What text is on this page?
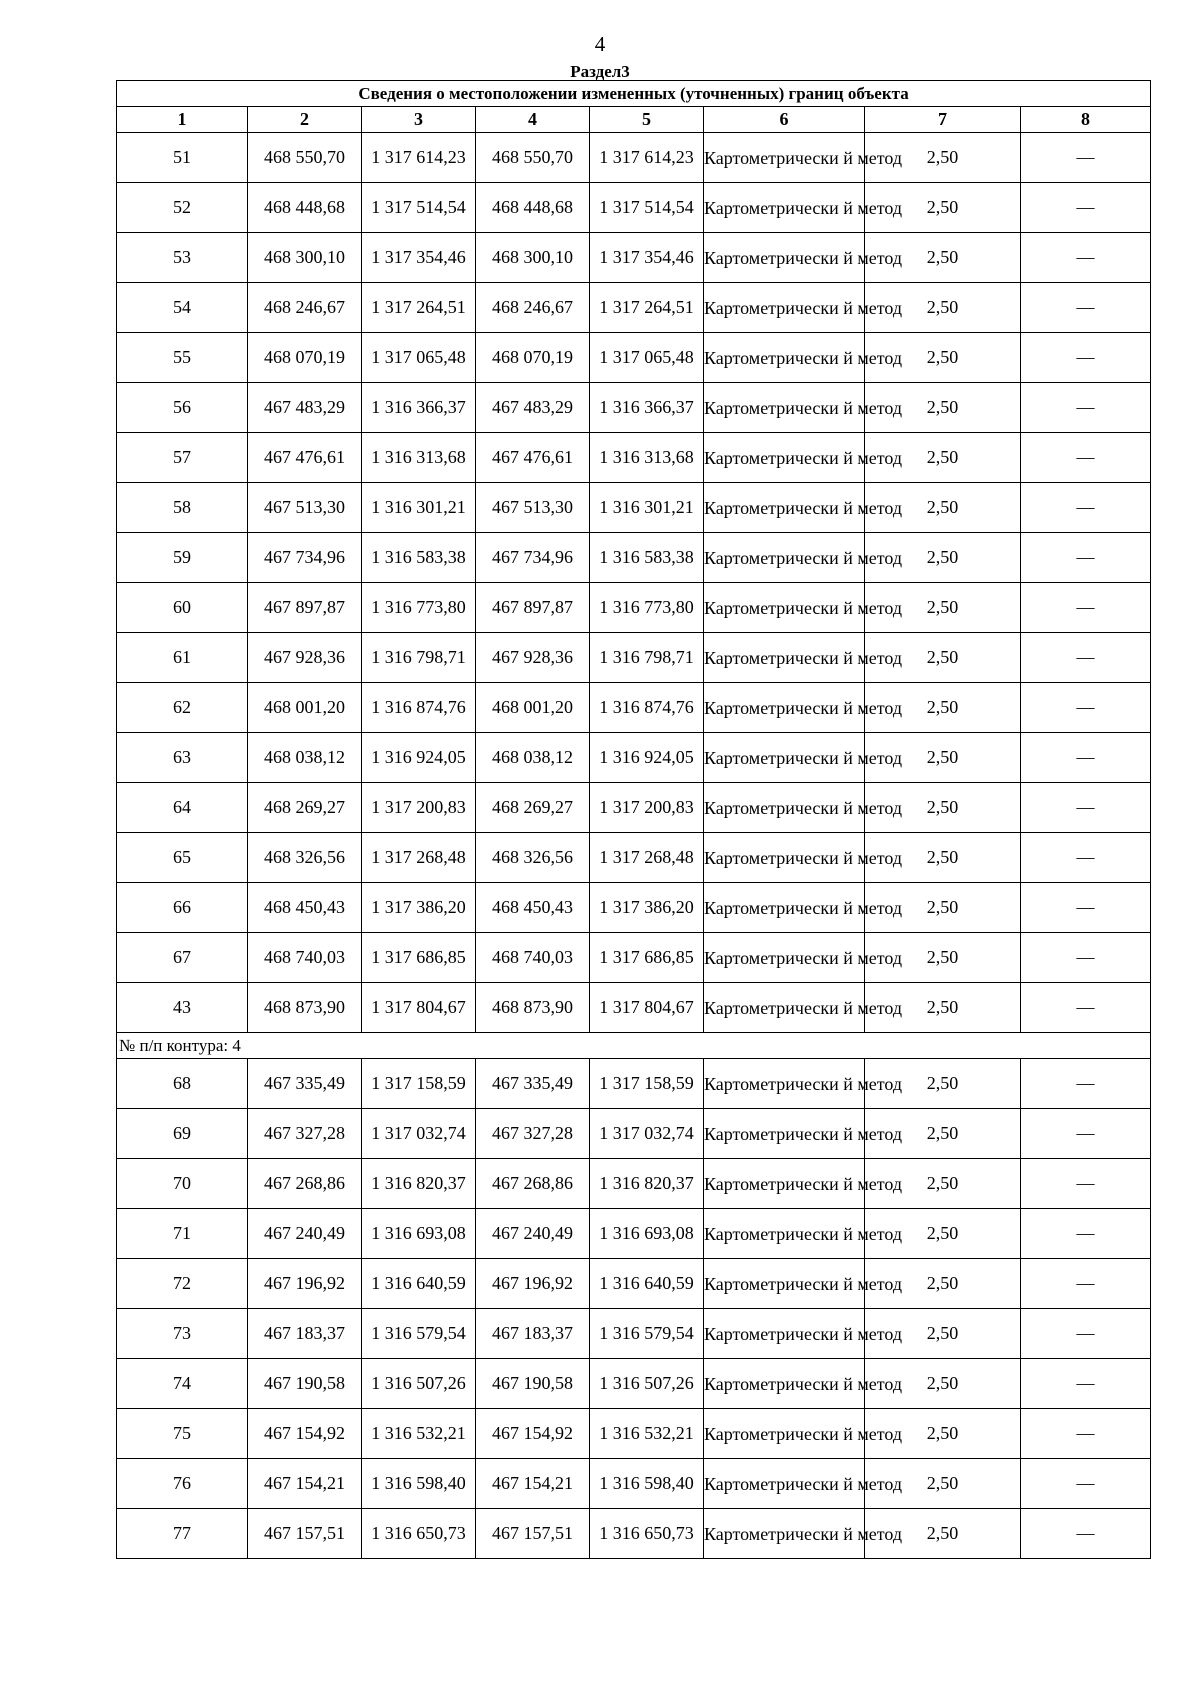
4
Раздел3
Сведения о местоположении измененных (уточненных) границ объекта							
1	2	3	4	5	6	7	8
51	468 550,70	1 317 614,23	468 550,70	1 317 614,23	Картометрически й метод	2,50	—
52	468 448,68	1 317 514,54	468 448,68	1 317 514,54	Картометрически й метод	2,50	—
53	468 300,10	1 317 354,46	468 300,10	1 317 354,46	Картометрически й метод	2,50	—
54	468 246,67	1 317 264,51	468 246,67	1 317 264,51	Картометрически й метод	2,50	—
55	468 070,19	1 317 065,48	468 070,19	1 317 065,48	Картометрически й метод	2,50	—
56	467 483,29	1 316 366,37	467 483,29	1 316 366,37	Картометрически й метод	2,50	—
57	467 476,61	1 316 313,68	467 476,61	1 316 313,68	Картометрически й метод	2,50	—
58	467 513,30	1 316 301,21	467 513,30	1 316 301,21	Картометрически й метод	2,50	—
59	467 734,96	1 316 583,38	467 734,96	1 316 583,38	Картометрически й метод	2,50	—
60	467 897,87	1 316 773,80	467 897,87	1 316 773,80	Картометрически й метод	2,50	—
61	467 928,36	1 316 798,71	467 928,36	1 316 798,71	Картометрически й метод	2,50	—
62	468 001,20	1 316 874,76	468 001,20	1 316 874,76	Картометрически й метод	2,50	—
63	468 038,12	1 316 924,05	468 038,12	1 316 924,05	Картометрически й метод	2,50	—
64	468 269,27	1 317 200,83	468 269,27	1 317 200,83	Картометрически й метод	2,50	—
65	468 326,56	1 317 268,48	468 326,56	1 317 268,48	Картометрически й метод	2,50	—
66	468 450,43	1 317 386,20	468 450,43	1 317 386,20	Картометрически й метод	2,50	—
67	468 740,03	1 317 686,85	468 740,03	1 317 686,85	Картометрически й метод	2,50	—
43	468 873,90	1 317 804,67	468 873,90	1 317 804,67	Картометрически й метод	2,50	—
№ п/п контура: 4							
68	467 335,49	1 317 158,59	467 335,49	1 317 158,59	Картометрически й метод	2,50	—
69	467 327,28	1 317 032,74	467 327,28	1 317 032,74	Картометрически й метод	2,50	—
70	467 268,86	1 316 820,37	467 268,86	1 316 820,37	Картометрически й метод	2,50	—
71	467 240,49	1 316 693,08	467 240,49	1 316 693,08	Картометрически й метод	2,50	—
72	467 196,92	1 316 640,59	467 196,92	1 316 640,59	Картометрически й метод	2,50	—
73	467 183,37	1 316 579,54	467 183,37	1 316 579,54	Картометрически й метод	2,50	—
74	467 190,58	1 316 507,26	467 190,58	1 316 507,26	Картометрически й метод	2,50	—
75	467 154,92	1 316 532,21	467 154,92	1 316 532,21	Картометрически й метод	2,50	—
76	467 154,21	1 316 598,40	467 154,21	1 316 598,40	Картометрически й метод	2,50	—
77	467 157,51	1 316 650,73	467 157,51	1 316 650,73	Картометрически й метод	2,50	—
